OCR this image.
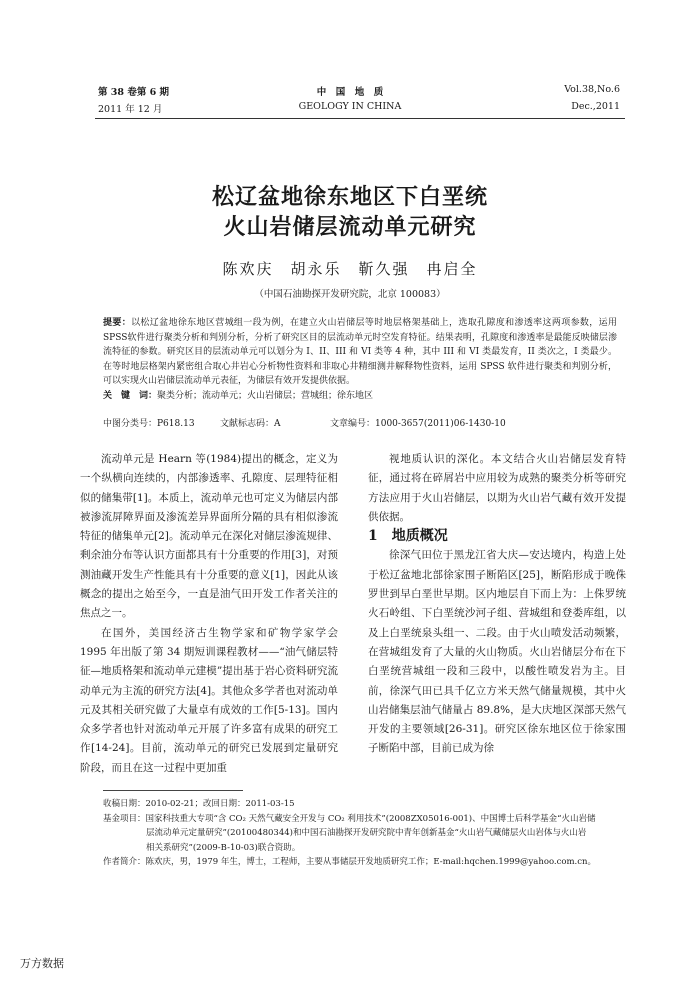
第 38 卷第 6 期
2011 年 12 月
中　国　地　质
GEOLOGY IN CHINA
Vol.38,No.6
Dec.,2011
松辽盆地徐东地区下白垩统
火山岩储层流动单元研究
陈欢庆　胡永乐　靳久强　冉启全
（中国石油勘探开发研究院，北京 100083）
提要：以松辽盆地徐东地区营城组一段为例，在建立火山岩储层等时地层格架基础上，选取孔隙度和渗透率这两项参数，运用SPSS软件进行聚类分析和判别分析，分析了研究区目的层流动单元时空发育特征。结果表明，孔隙度和渗透率是最能反映储层渗流特征的参数。研究区目的层流动单元可以划分为 I、II、III 和 VI 类等 4 种，其中 III 和 VI 类最发育，II 类次之，I 类最少。在等时地层格架内紧密组合取心井岩心分析物性资料和非取心井精细测井解释物性资料，运用 SPSS 软件进行聚类和判别分析，可以实现火山岩储层流动单元表征，为储层有效开发提供依据。
关　键　词：聚类分析；流动单元；火山岩储层；营城组；徐东地区
中图分类号：P618.13	文献标志码：A	文章编号：1000-3657(2011)06-1430-10

流动单元是 Hearn 等(1984)提出的概念，定义为一个纵横向连续的，内部渗透率、孔隙度、层理特征相似的储集带[1]。本质上，流动单元也可定义为储层内部被渗流屏障界面及渗流差异界面所分隔的具有相似渗流特征的储集单元[2]。流动单元在深化对储层渗流规律、剩余油分布等认识方面都具有十分重要的作用[3]，对预测油藏开发生产性能具有十分重要的意义[1]，因此从该概念的提出之始至今，一直是油气田开发工作者关注的焦点之一。

在国外，美国经济古生物学家和矿物学家学会 1995 年出版了第 34 期短训课程教材——“油气储层特征—地质格架和流动单元建模”提出基于岩心资料研究流动单元为主流的研究方法[4]。其他众多学者也对流动单元及其相关研究做了大量卓有成效的工作[5-13]。国内众多学者也针对流动单元开展了许多富有成果的研究工作[14-24]。目前，流动单元的研究已发展到定量研究阶段，而且在这一过程中更加重

视地质认识的深化。本文结合火山岩储层发育特征，通过将在碎屑岩中应用较为成熟的聚类分析等研究方法应用于火山岩储层，以期为火山岩气藏有效开发提供依据。

1　地质概况

徐深气田位于黑龙江省大庆—安达境内，构造上处于松辽盆地北部徐家围子断陷区[25]，断陷形成于晚侏罗世到早白垩世早期。区内地层自下而上为：上侏罗统火石岭组、下白垩统沙河子组、营城组和登娄库组，以及上白垩统泉头组一、二段。由于火山喷发活动频繁，在营城组发育了大量的火山物质。火山岩储层分布在下白垩统营城组一段和三段中，以酸性喷发岩为主。目前，徐深气田已具千亿立方米天然气储量规模，其中火山岩储集层油气储量占 89.8%，是大庆地区深部天然气开发的主要领域[26-31]。研究区徐东地区位于徐家围子断陷中部，目前已成为徐

收稿日期：2010-02-21；改回日期：2011-03-15
基金项目：国家科技重大专项“含 CO₂ 天然气藏安全开发与 CO₂ 利用技术”(2008ZX05016-001)、中国博士后科学基金“火山岩储
层流动单元定量研究”(20100480344)和中国石油勘探开发研究院中青年创新基金“火山岩气藏储层火山岩体与火山岩
相关系研究”(2009-B-10-03)联合资助。
作者简介：陈欢庆，男，1979 年生，博士，工程师，主要从事储层开发地质研究工作；E-mail:hqchen.1999@yahoo.com.cn。
万方数据
